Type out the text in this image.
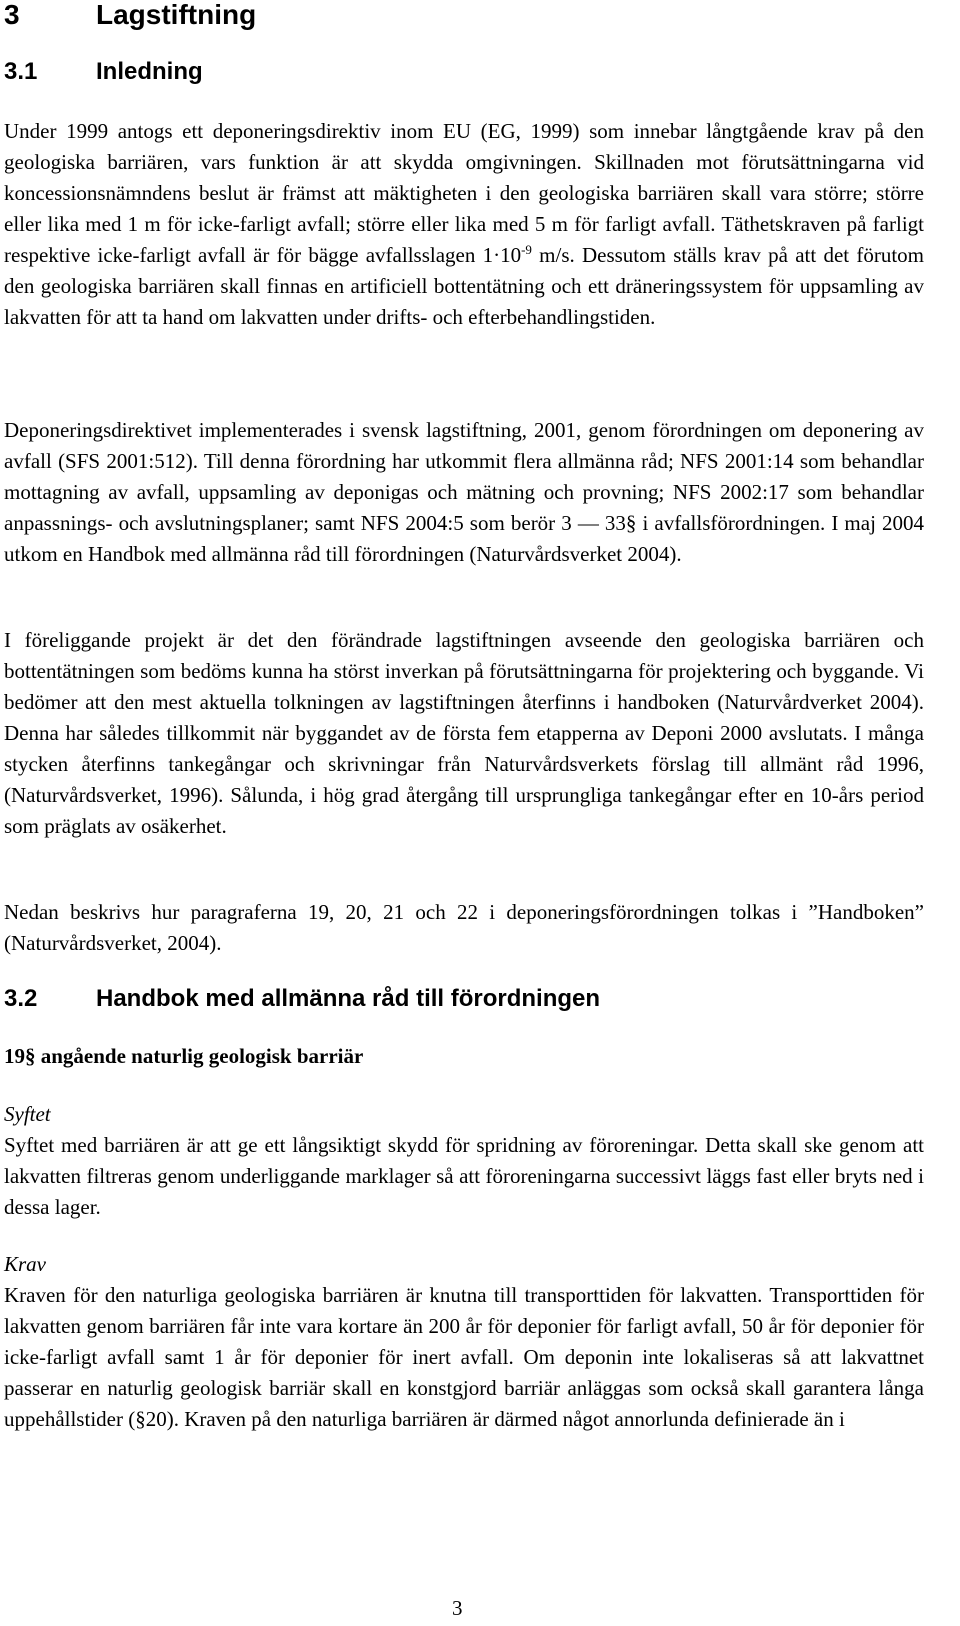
3	Lagstiftning
3.1 Inledning
Under 1999 antogs ett deponeringsdirektiv inom EU (EG, 1999) som innebar långtgående krav på den geologiska barriären, vars funktion är att skydda omgivningen. Skillnaden mot förutsättningarna vid koncessionsnämndens beslut är främst att mäktigheten i den geologiska barriären skall vara större; större eller lika med 1 m för icke-farligt avfall; större eller lika med 5 m för farligt avfall. Täthetskraven på farligt respektive icke-farligt avfall är för bägge avfallsslagen $1\cdot 10^{-9}$ m/s. Dessutom ställs krav på att det förutom den geologiska barriären skall finnas en artificiell bottentätning och ett dräneringssystem för uppsamling av lakvatten för att ta hand om lakvatten under drifts- och efterbehandlingstiden.
Deponeringsdirektivet implementerades i svensk lagstiftning, 2001, genom förordningen om deponering av avfall (SFS 2001:512). Till denna förordning har utkommit flera allmänna råd; NFS 2001:14 som behandlar mottagning av avfall, uppsamling av deponigas och mätning och provning; NFS 2002:17 som behandlar anpassnings- och avslutningsplaner; samt NFS 2004:5 som berör 3 — 33§ i avfallsförordningen. I maj 2004 utkom en Handbok med allmänna råd till förordningen (Naturvårdsverket 2004).
I föreliggande projekt är det den förändrade lagstiftningen avseende den geologiska barriären och bottentätningen som bedöms kunna ha störst inverkan på förutsättningarna för projektering och byggande. Vi bedömer att den mest aktuella tolkningen av lagstiftningen återfinns i handboken (Naturvårdverket 2004). Denna har således tillkommit när byggandet av de första fem etapperna av Deponi 2000 avslutats. I många stycken återfinns tankegångar och skrivningar från Naturvårdsverkets förslag till allmänt råd 1996, (Naturvårdsverket, 1996). Sålunda, i hög grad återgång till ursprungliga tankegångar efter en 10-års period som präglats av osäkerhet.
Nedan beskrivs hur paragraferna 19, 20, 21 och 22 i deponeringsförordningen tolkas i ”Handboken” (Naturvårdsverket, 2004).
3.2 Handbok med allmänna råd till förordningen
19§ angående naturlig geologisk barriär
Syftet
Syftet med barriären är att ge ett långsiktigt skydd för spridning av föroreningar. Detta skall ske genom att lakvatten filtreras genom underliggande marklager så att föroreningarna successivt läggs fast eller bryts ned i dessa lager.
Krav
Kraven för den naturliga geologiska barriären är knutna till transporttiden för lakvatten. Transporttiden för lakvatten genom barriären får inte vara kortare än 200 år för deponier för farligt avfall, 50 år för deponier för icke-farligt avfall samt 1 år för deponier för inert avfall. Om deponin inte lokaliseras så att lakvattnet passerar en naturlig geologisk barriär skall en konstgjord barriär anläggas som också skall garantera långa uppehållstider (§20). Kraven på den naturliga barriären är därmed något annorlunda definierade än i
3
